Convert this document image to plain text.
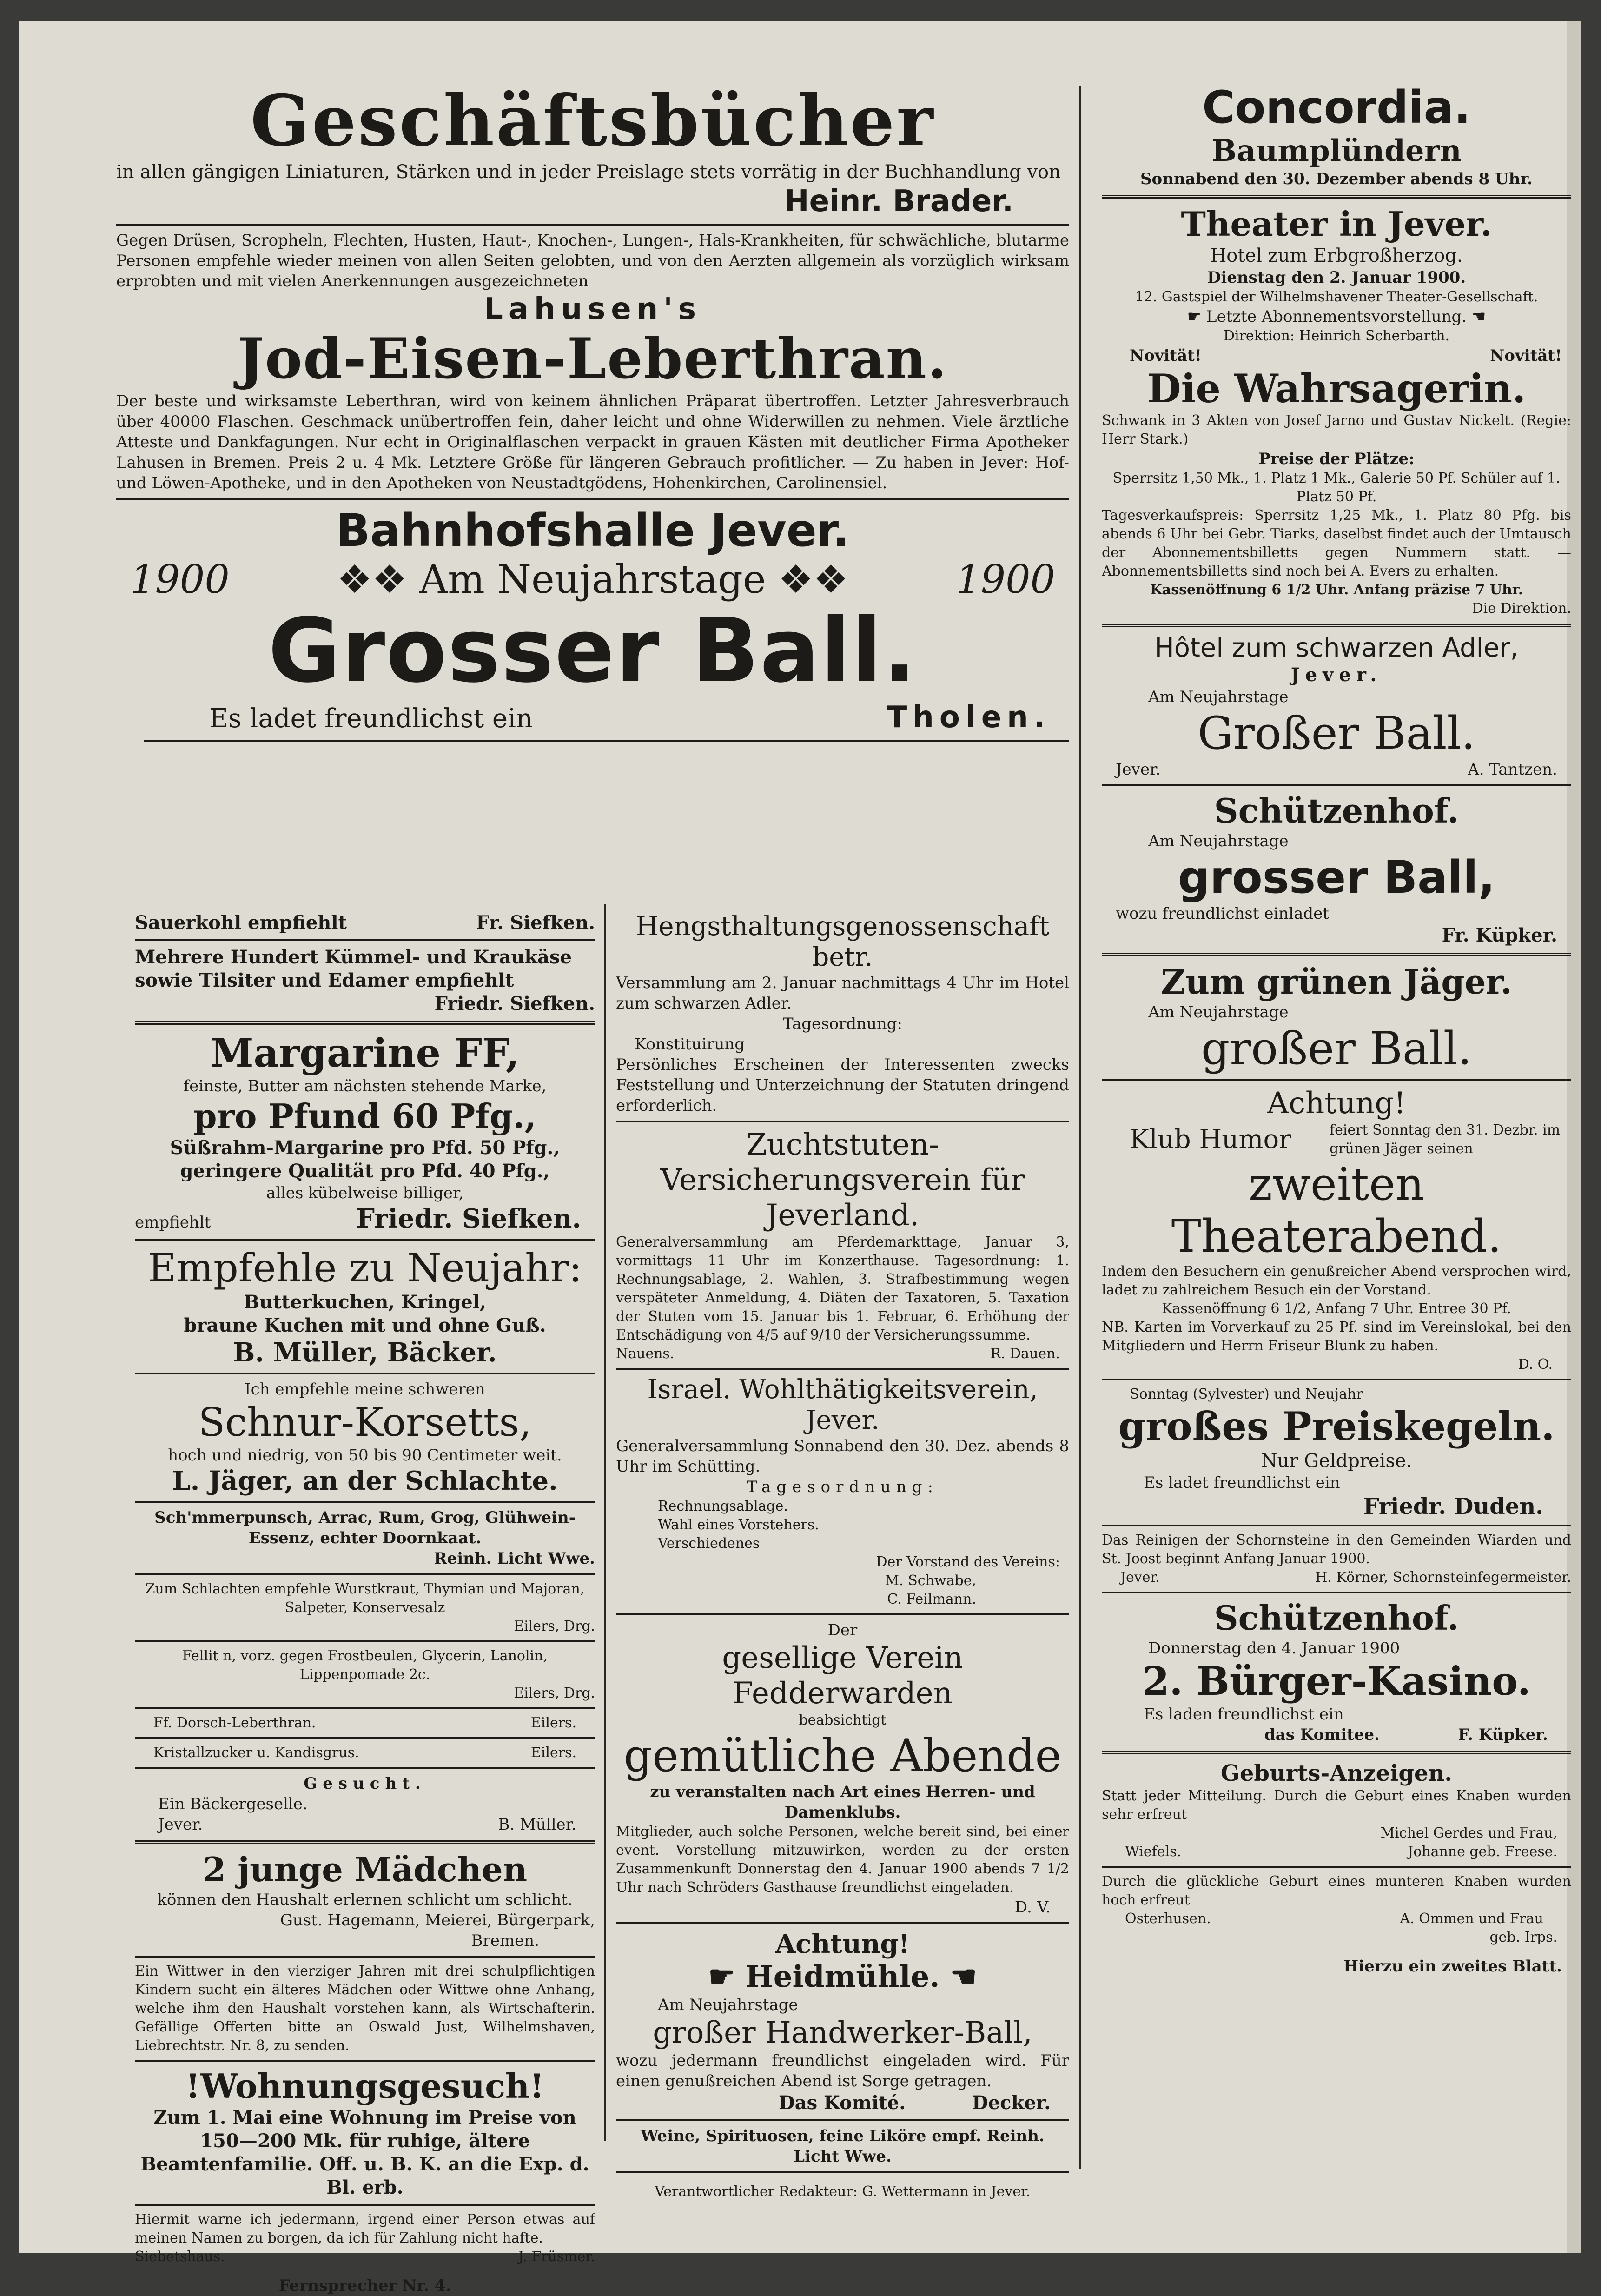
Geschäftsbücher

in allen gängigen Liniaturen, Stärken und in jeder Preislage stets vorrätig in der Buchhandlung von

Heinr. Brader.

Gegen Drüsen, Scropheln, Flechten, Husten, Haut-, Knochen-, Lungen-, Hals-Krankheiten, für schwächliche, blutarme Personen empfehle wieder meinen von allen Seiten gelobten, und von den Aerzten allgemein als vorzüglich wirksam erprobten und mit vielen Anerkennungen ausgezeichneten

Lahusen's
Jod-Eisen-Leberthran.

Der beste und wirksamste Leberthran, wird von keinem ähnlichen Präparat übertroffen. Letzter Jahresverbrauch über 40000 Flaschen. Geschmack unübertroffen fein, daher leicht und ohne Widerwillen zu nehmen. Viele ärztliche Atteste und Dankfagungen. Nur echt in Originalflaschen verpackt in grauen Kästen mit deutlicher Firma Apotheker Lahusen in Bremen. Preis 2 u. 4 Mk. Letztere Größe für längeren Gebrauch profitlicher. — Zu haben in Jever: Hof- und Löwen-Apotheke, und in den Apotheken von Neustadtgödens, Hohenkirchen, Carolinensiel.

Bahnhofshalle Jever.
1900	❖❖ Am Neujahrstage ❖❖	1900
Grosser Ball.
Es ladet freundlichst ein	Tholen.
Sauerkohl empfiehlt	Fr. Siefken.

Mehrere Hundert Kümmel- und Kraukäse sowie Tilsiter und Edamer empfiehlt

Friedr. Siefken.
Margarine FF,
feinste, Butter am nächsten stehende Marke,
pro Pfund 60 Pfg.,
Süßrahm-Margarine pro Pfd. 50 Pfg., geringere Qualität pro Pfd. 40 Pfg.,
alles kübelweise billiger,
empfiehlt	Friedr. Siefken.
Empfehle zu Neujahr:
Butterkuchen, Kringel,
braune Kuchen mit und ohne Guß.
B. Müller, Bäcker.
Ich empfehle meine schweren
Schnur-Korsetts,
hoch und niedrig, von 50 bis 90 Centimeter weit.
L. Jäger, an der Schlachte.

Sch'mmerpunsch, Arrac, Rum, Grog, Glühwein-Essenz, echter Doornkaat.

Reinh. Licht Wwe.

Zum Schlachten empfehle Wurstkraut, Thymian und Majoran, Salpeter, Konservesalz

Eilers, Drg.

Fellit n, vorz. gegen Frostbeulen, Glycerin, Lanolin, Lippenpomade 2c.

Eilers, Drg.
Ff. Dorsch-Leberthran.	Eilers.
Kristallzucker u. Kandisgrus.	Eilers.
Gesucht.
Ein Bäckergeselle.
Jever.	B. Müller.
2 junge Mädchen
können den Haushalt erlernen schlicht um schlicht.
Gust. Hagemann, Meierei, Bürgerpark,
Bremen.

Ein Wittwer in den vierziger Jahren mit drei schulpflichtigen Kindern sucht ein älteres Mädchen oder Wittwe ohne Anhang, welche ihm den Haushalt vorstehen kann, als Wirtschafterin. Gefällige Offerten bitte an Oswald Just, Wilhelmshaven, Liebrechtstr. Nr. 8, zu senden.

!Wohnungsgesuch!

Zum 1. Mai eine Wohnung im Preise von 150—200 Mk. für ruhige, ältere Beamtenfamilie. Off. u. B. K. an die Exp. d. Bl. erb.

Hiermit warne ich jedermann, irgend einer Person etwas auf meinen Namen zu borgen, da ich für Zahlung nicht hafte.

Siebetshaus.	J. Früsmer.
Fernsprecher Nr. 4.
Hengsthaltungsgenossenschaft betr.

Versammlung am 2. Januar nachmittags 4 Uhr im Hotel zum schwarzen Adler.

Tagesordnung:
Konstituirung

Persönliches Erscheinen der Interessenten zwecks Feststellung und Unterzeichnung der Statuten dringend erforderlich.

Zuchtstuten-Versicherungsverein für Jeverland.

Generalversammlung am Pferdemarkttage, Januar 3, vormittags 11 Uhr im Konzerthause. Tagesordnung: 1. Rechnungsablage, 2. Wahlen, 3. Strafbestimmung wegen verspäteter Anmeldung, 4. Diäten der Taxatoren, 5. Taxation der Stuten vom 15. Januar bis 1. Februar, 6. Erhöhung der Entschädigung von 4/5 auf 9/10 der Versicherungssumme.

Nauens.	R. Dauen.
Israel. Wohlthätigkeitsverein, Jever.

Generalversammlung Sonnabend den 30. Dez. abends 8 Uhr im Schütting.

Tagesordnung:
Rechnungsablage.
Wahl eines Vorstehers.
Verschiedenes
Der Vorstand des Vereins:
M. Schwabe,
C. Feilmann.
Der
gesellige Verein Fedderwarden
beabsichtigt
gemütliche Abende

zu veranstalten nach Art eines Herren- und Damenklubs.

Mitglieder, auch solche Personen, welche bereit sind, bei einer event. Vorstellung mitzuwirken, werden zu der ersten Zusammenkunft Donnerstag den 4. Januar 1900 abends 7 1/2 Uhr nach Schröders Gasthause freundlichst eingeladen.

D. V.
Achtung!
☛ Heidmühle. ☚
Am Neujahrstage
großer Handwerker-Ball,

wozu jedermann freundlichst eingeladen wird. Für einen genußreichen Abend ist Sorge getragen.

Das Komité.	Decker.

Weine, Spirituosen, feine Liköre empf. Reinh. Licht Wwe.

Verantwortlicher Redakteur: G. Wettermann in Jever.
Concordia.
Baumplündern
Sonnabend den 30. Dezember abends 8 Uhr.
Theater in Jever.
Hotel zum Erbgroßherzog.
Dienstag den 2. Januar 1900.
12. Gastspiel der Wilhelmshavener Theater-Gesellschaft.
☛ Letzte Abonnementsvorstellung. ☚
Direktion: Heinrich Scherbarth.
Novität!	Novität!
Die Wahrsagerin.

Schwank in 3 Akten von Josef Jarno und Gustav Nickelt. (Regie: Herr Stark.)

Preise der Plätze:

Sperrsitz 1,50 Mk., 1. Platz 1 Mk., Galerie 50 Pf. Schüler auf 1. Platz 50 Pf.

Tagesverkaufspreis: Sperrsitz 1,25 Mk., 1. Platz 80 Pfg. bis abends 6 Uhr bei Gebr. Tiarks, daselbst findet auch der Umtausch der Abonnementsbilletts gegen Nummern statt. — Abonnementsbilletts sind noch bei A. Evers zu erhalten.

Kassenöffnung 6 1/2 Uhr. Anfang präzise 7 Uhr.
Die Direktion.
Hôtel zum schwarzen Adler,
Jever.
Am Neujahrstage
Großer Ball.
Jever.	A. Tantzen.
Schützenhof.
Am Neujahrstage
grosser Ball,
wozu freundlichst einladet
Fr. Küpker.
Zum grünen Jäger.
Am Neujahrstage
großer Ball.
Achtung!
Klub Humor	feiert Sonntag den 31. Dezbr. im grünen Jäger seinen
zweiten Theaterabend.

Indem den Besuchern ein genußreicher Abend versprochen wird, ladet zu zahlreichem Besuch ein der Vorstand.

Kassenöffnung 6 1/2, Anfang 7 Uhr. Entree 30 Pf.

NB. Karten im Vorverkauf zu 25 Pf. sind im Vereinslokal, bei den Mitgliedern und Herrn Friseur Blunk zu haben.

D. O.
Sonntag (Sylvester) und Neujahr
großes Preiskegeln.
Nur Geldpreise.
Es ladet freundlichst ein
Friedr. Duden.

Das Reinigen der Schornsteine in den Gemeinden Wiarden und St. Joost beginnt Anfang Januar 1900.

Jever.	H. Körner, Schornsteinfegermeister.
Schützenhof.
Donnerstag den 4. Januar 1900
2. Bürger-Kasino.
Es laden freundlichst ein
das Komitee.	F. Küpker.
Geburts-Anzeigen.

Statt jeder Mitteilung. Durch die Geburt eines Knaben wurden sehr erfreut

Michel Gerdes und Frau,
Wiefels.	Johanne geb. Freese.

Durch die glückliche Geburt eines munteren Knaben wurden hoch erfreut

Osterhusen.	A. Ommen und Frau
geb. Irps.
Hierzu ein zweites Blatt.
